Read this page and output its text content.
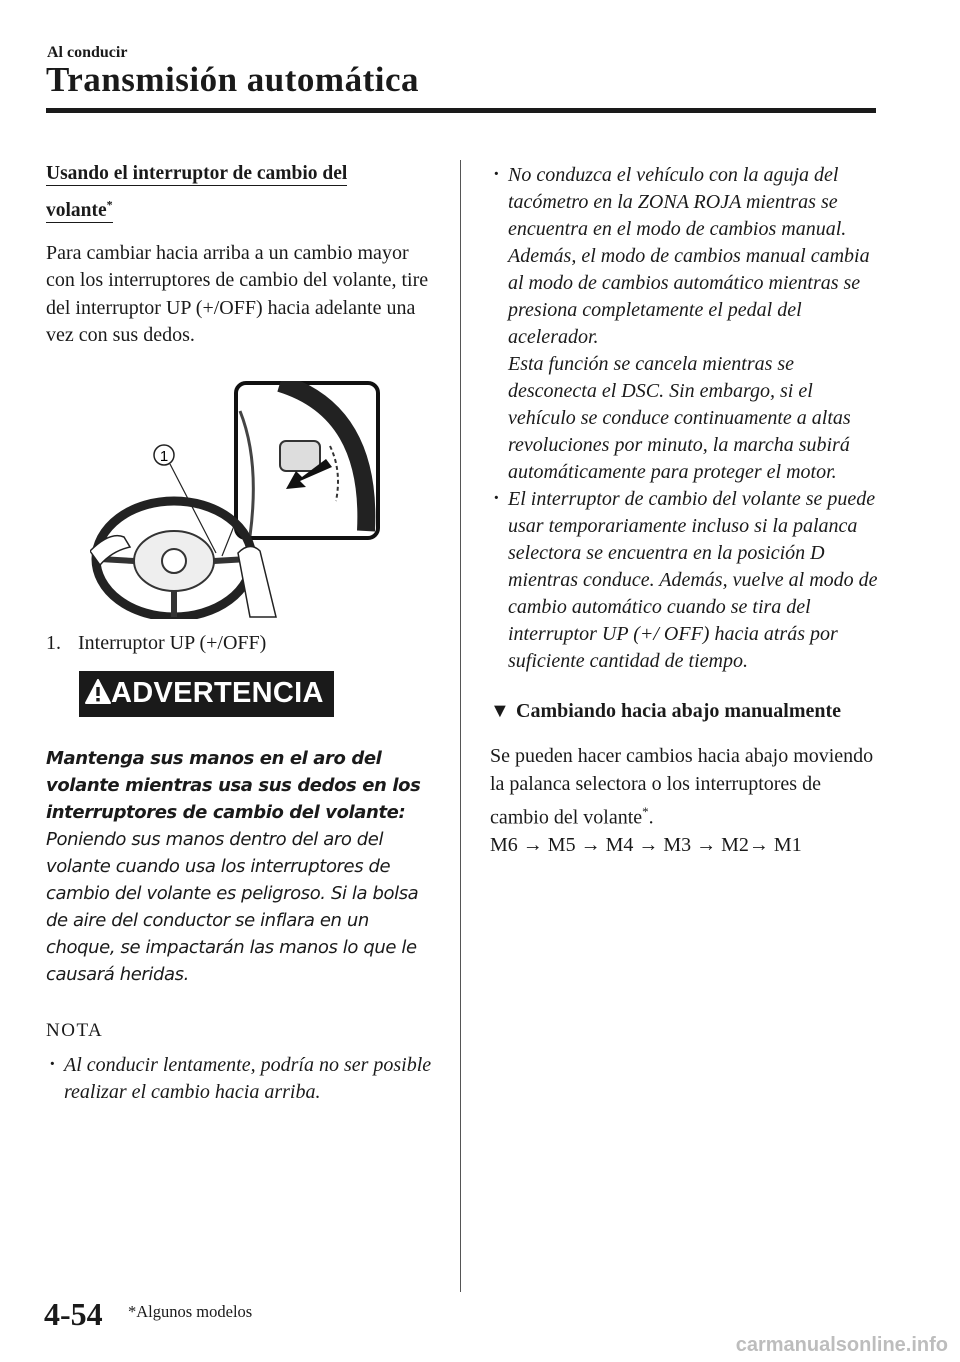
Al conducir
Transmisión automática
Usando el interruptor de cambio del
volante*

Para cambiar hacia arriba a un cambio mayor con los interruptores de cambio del volante, tire del interruptor UP (+/OFF) hacia adelante una vez con sus dedos.

1

1. Interruptor UP (+/OFF)

ADVERTENCIA

Mantenga sus manos en el aro del volante mientras usa sus dedos en los interruptores de cambio del volante:
Poniendo sus manos dentro del aro del volante cuando usa los interruptores de cambio del volante es peligroso. Si la bolsa de aire del conductor se inflara en un choque, se impactarán las manos lo que le causará heridas.

NOTA

· Al conducir lentamente, podría no ser posible realizar el cambio hacia arriba.
· No conduzca el vehículo con la aguja del tacómetro en la ZONA ROJA mientras se encuentra en el modo de cambios manual. Además, el modo de cambios manual cambia al modo de cambios automático mientras se presiona completamente el pedal del acelerador.
Esta función se cancela mientras se desconecta el DSC. Sin embargo, si el vehículo se conduce continuamente a altas revoluciones por minuto, la marcha subirá automáticamente para proteger el motor.
· El interruptor de cambio del volante se puede usar temporariamente incluso si la palanca selectora se encuentra en la posición D mientras conduce. Además, vuelve al modo de cambio automático cuando se tira del interruptor UP (+/ OFF) hacia atrás por suficiente cantidad de tiempo.
▼ Cambiando hacia abajo manualmente

Se pueden hacer cambios hacia abajo moviendo la palanca selectora o los interruptores de cambio del volante*.
M6 → M5 → M4 → M3 → M2→ M1

4-54 *Algunos modelos
carmanualsonline.info
